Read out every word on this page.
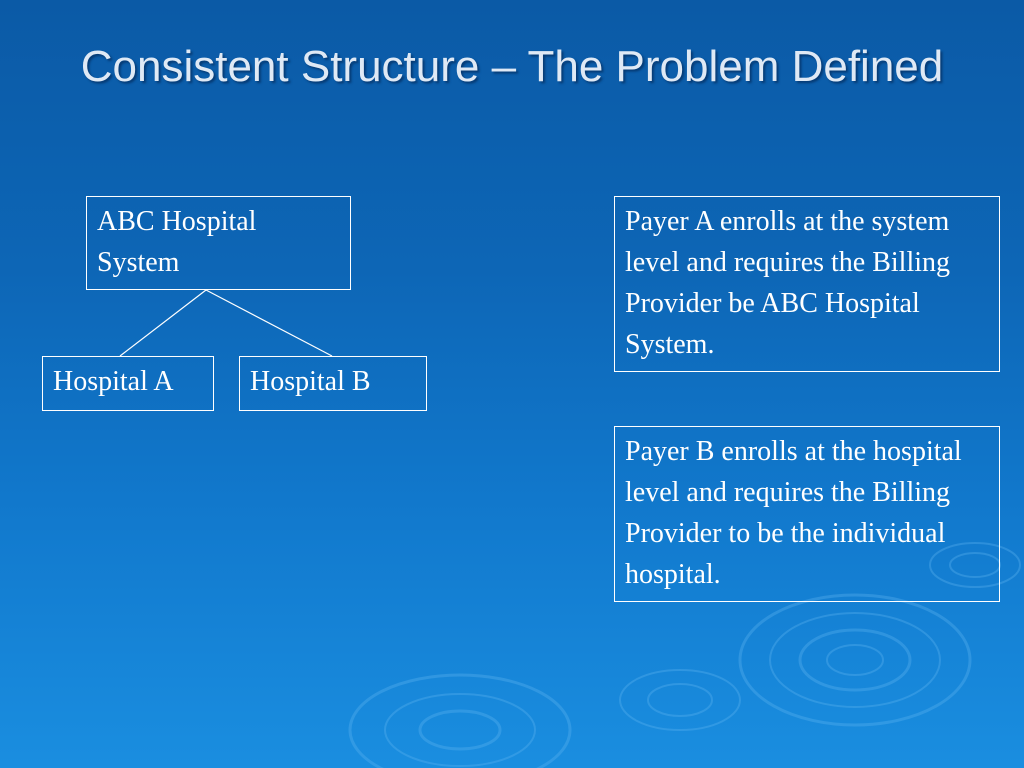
Consistent Structure – The Problem Defined
ABC Hospital System
Hospital A	Hospital B
Payer A enrolls at the system level and requires the Billing Provider be ABC Hospital System.
Payer B enrolls at the hospital level and requires the Billing Provider to be the individual hospital.
